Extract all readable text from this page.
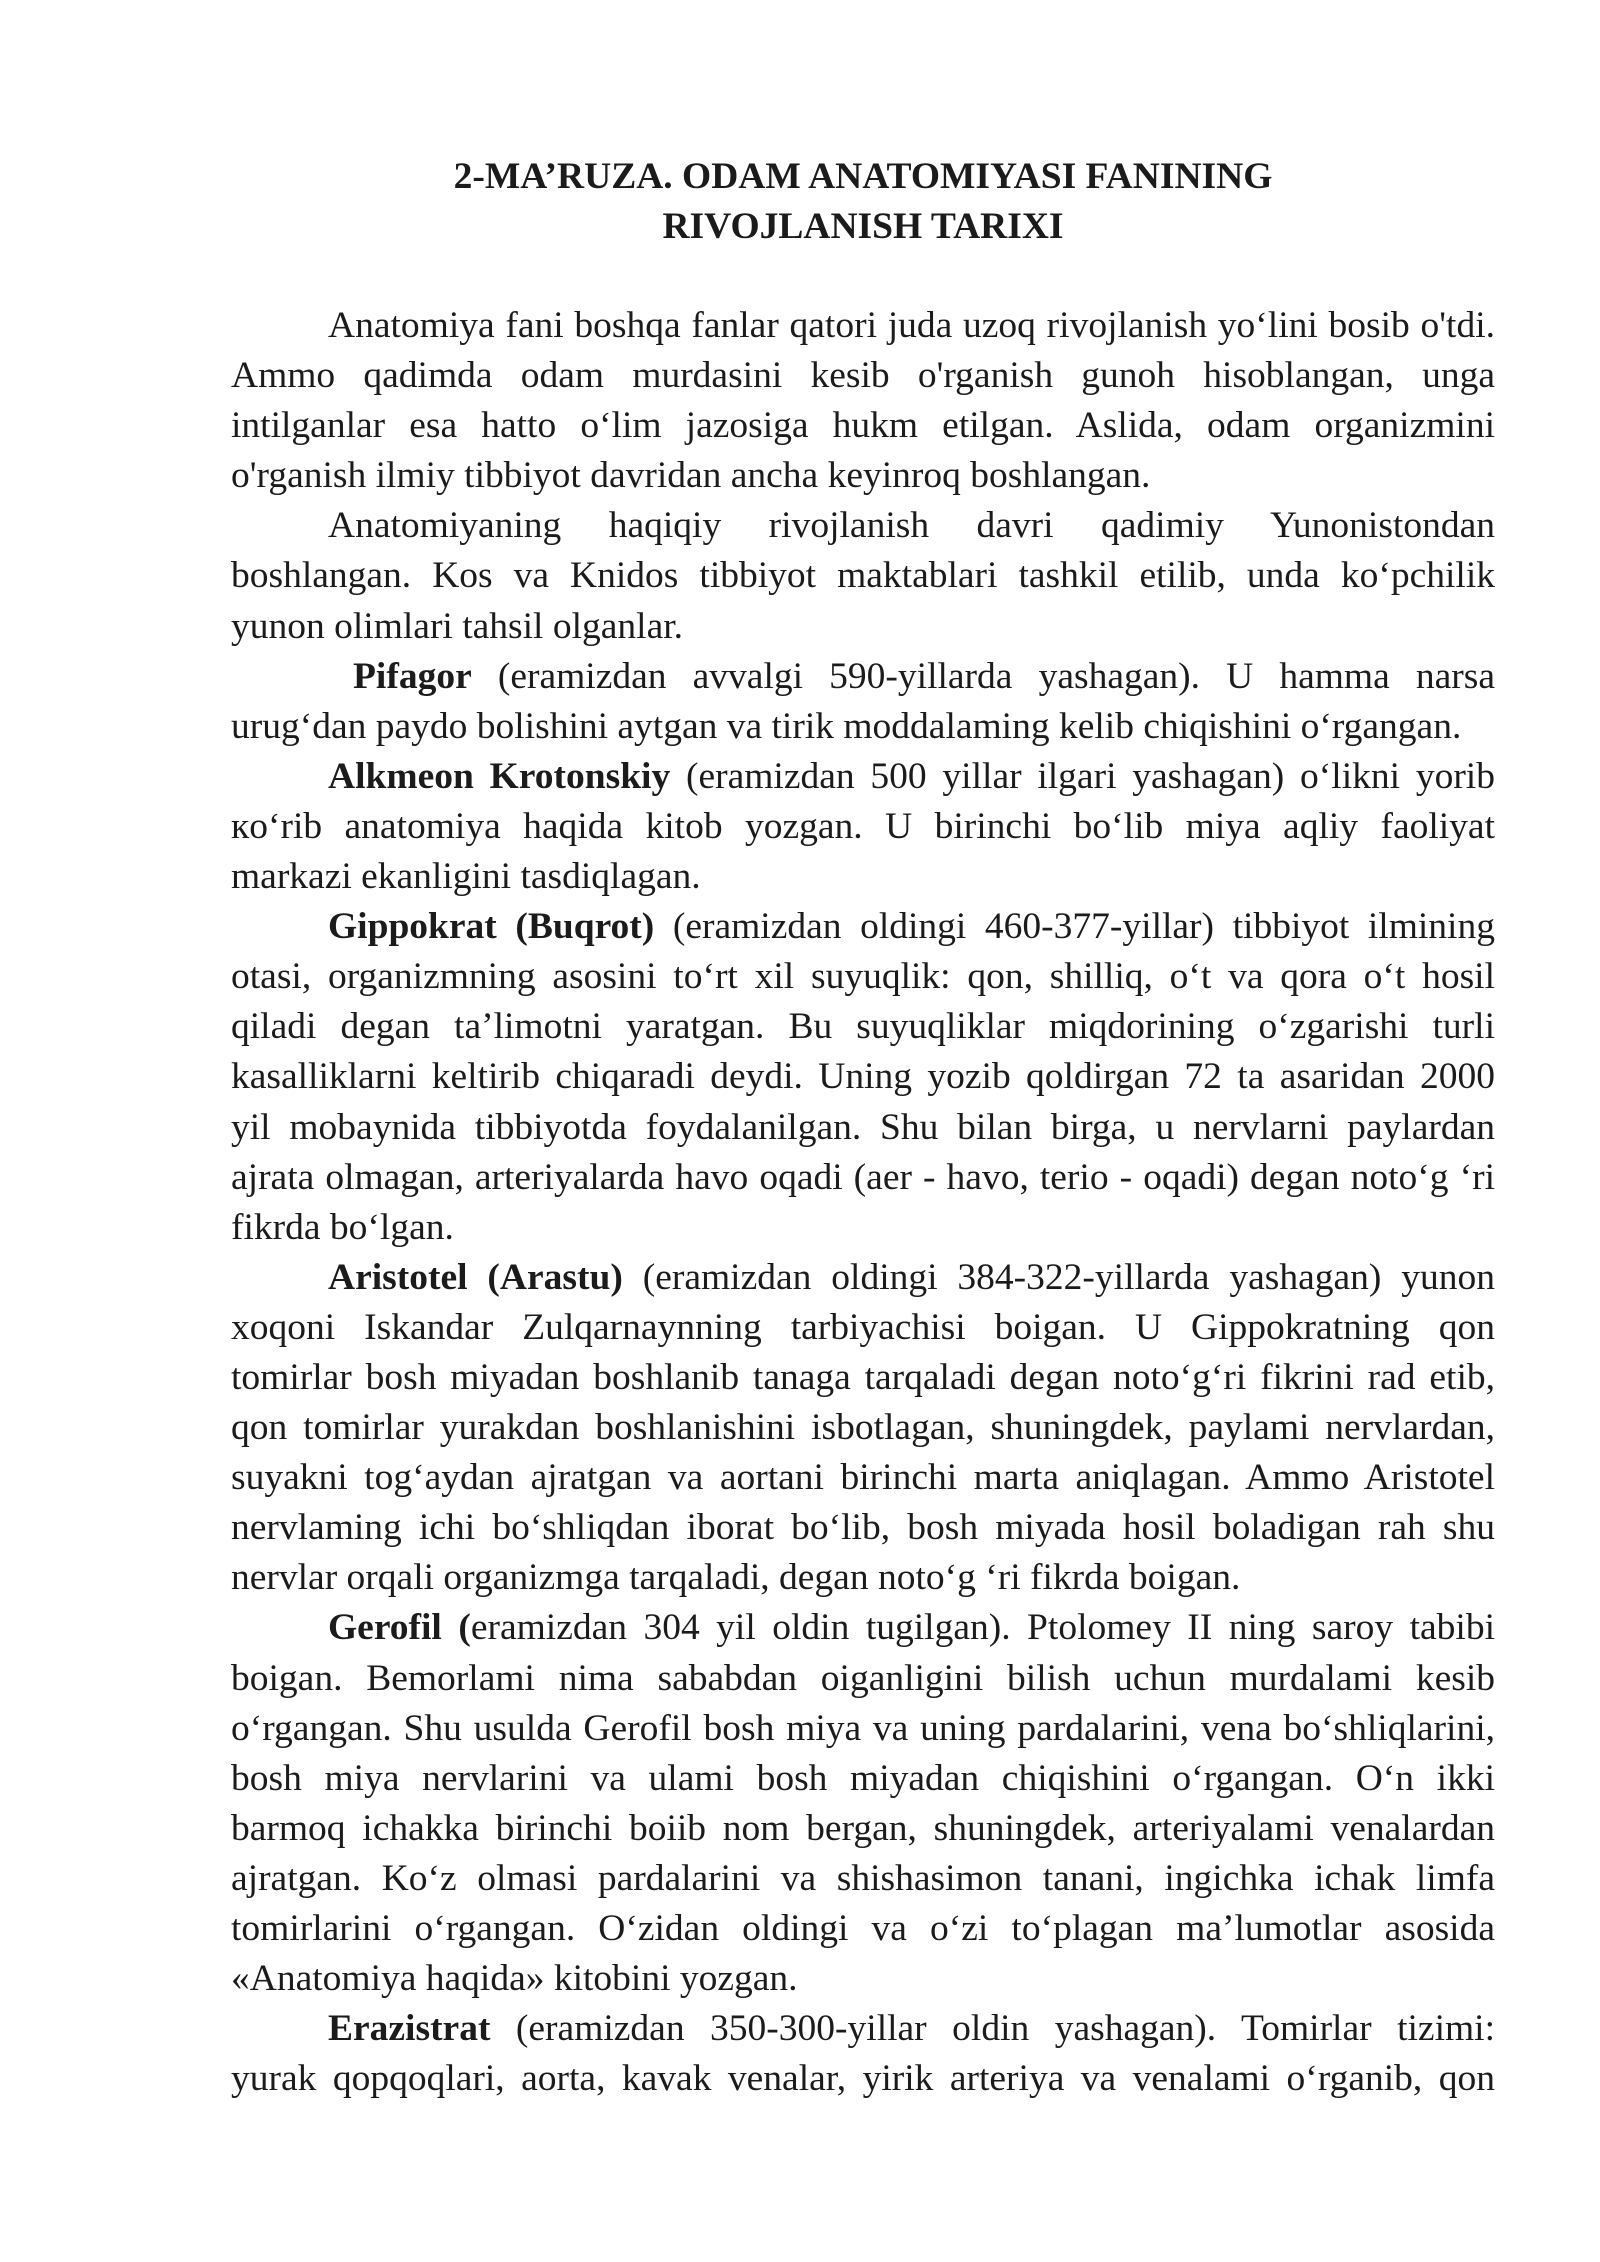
2-MA’RUZA. ODAM ANATOMIYASI FANINING
RIVOJLANISH TARIXI
Anatomiya fani boshqa fanlar qatori juda uzoq rivojlanish yo‘lini bosib o'tdi.
Ammo qadimda odam murdasini kesib o'rganish gunoh hisoblangan, unga
intilganlar esa hatto o‘lim jazosiga hukm etilgan. Aslida, odam organizmini
o'rganish ilmiy tibbiyot davridan ancha keyinroq boshlangan.
Anatomiyaning haqiqiy rivojlanish davri qadimiy Yunonistondan
boshlangan. Kos va Knidos tibbiyot maktablari tashkil etilib, unda ko‘pchilik
yunon olimlari tahsil olganlar.
Pifagor (eramizdan avvalgi 590-yillarda yashagan). U hamma narsa
urug‘dan paydo bolishini aytgan va tirik moddalaming kelib chiqishini o‘rgangan.
Alkmeon Krotonskiy (eramizdan 500 yillar ilgari yashagan) o‘likni yorib
кo‘rib anatomiya haqida kitob yozgan. U birinchi bo‘lib miya aqliy faoliyat
markazi ekanligini tasdiqlagan.
Gippokrat (Buqrot) (eramizdan oldingi 460-377-yillar) tibbiyot ilmining
otasi, organizmning asosini to‘rt xil suyuqlik: qon, shilliq, o‘t va qora o‘t hosil
qiladi degan ta’limotni yaratgan. Bu suyuqliklar miqdorining o‘zgarishi turli
kasalliklarni keltirib chiqaradi deydi. Uning yozib qoldirgan 72 ta asaridan 2000
yil mobaynida tibbiyotda foydalanilgan. Shu bilan birga, u nervlarni paylardan
ajrata olmagan, arteriyalarda havo oqadi (aer - havo, terio - oqadi) degan noto‘g ‘ri
fikrda bo‘lgan.
Aristotel (Arastu) (eramizdan oldingi 384-322-yillarda yashagan) yunon
xoqoni Iskandar Zulqarnaynning tarbiyachisi boigan. U Gippokratning qon
tomirlar bosh miyadan boshlanib tanaga tarqaladi degan noto‘g‘ri fikrini rad etib,
qon tomirlar yurakdan boshlanishini isbotlagan, shuningdek, paylami nervlardan,
suyakni tog‘aydan ajratgan va aortani birinchi marta aniqlagan. Ammo Aristotel
nervlaming ichi bo‘shliqdan iborat bo‘lib, bosh miyada hosil boladigan rah shu
nervlar orqali organizmga tarqaladi, degan noto‘g ‘ri fikrda boigan.
Gerofil (eramizdan 304 yil oldin tugilgan). Ptolomey II ning saroy tabibi
boigan. Bemorlami nima sababdan oiganligini bilish uchun murdalami kesib
o‘rgangan. Shu usulda Gerofil bosh miya va uning pardalarini, vena bo‘shliqlarini,
bosh miya nervlarini va ulami bosh miyadan chiqishini o‘rgangan. O‘n ikki
barmoq ichakka birinchi boiib nom bergan, shuningdek, arteriyalami venalardan
ajratgan. Ko‘z olmasi pardalarini va shishasimon tanani, ingichka ichak limfa
tomirlarini o‘rgangan. O‘zidan oldingi va o‘zi to‘plagan ma’lumotlar asosida
«Anatomiya haqida» kitobini yozgan.
Erazistrat (eramizdan 350-300-yillar oldin yashagan). Tomirlar tizimi:
yurak qopqoqlari, aorta, kavak venalar, yirik arteriya va venalami o‘rganib, qon
